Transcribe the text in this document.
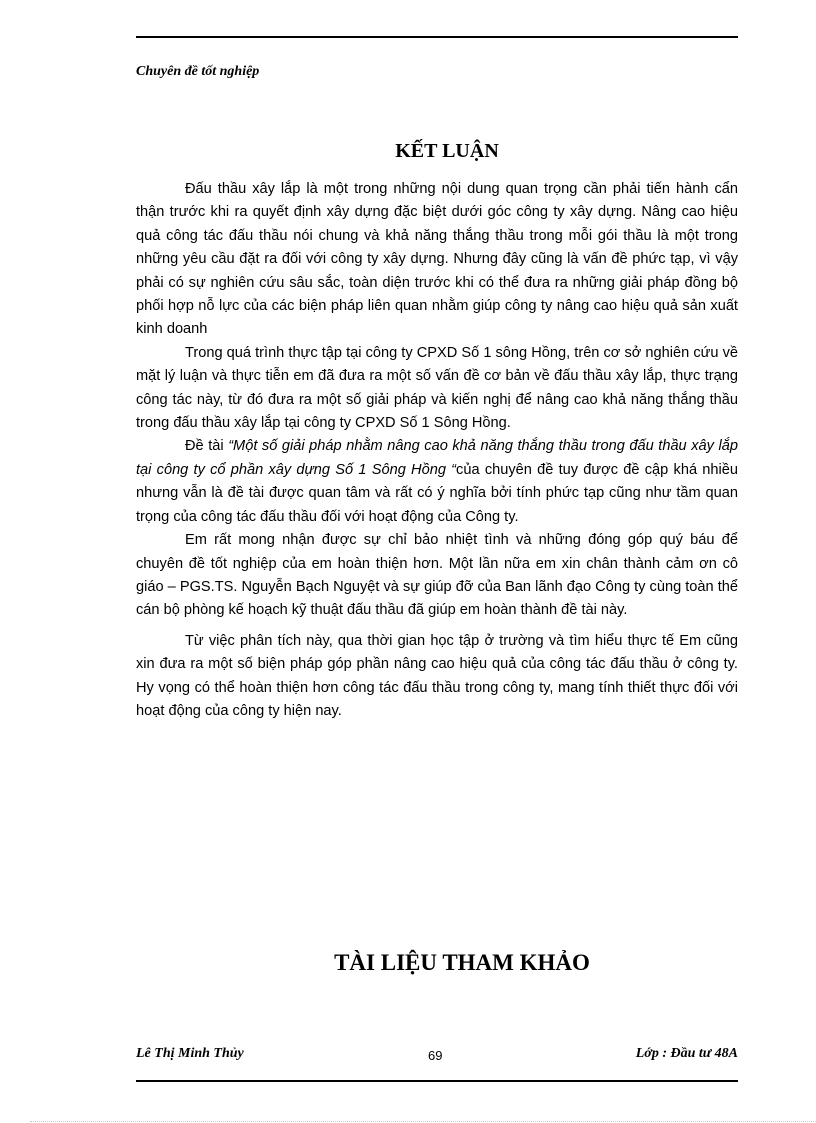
Chuyên đề tốt nghiệp
KẾT LUẬN

Đấu thầu xây lắp là một trong những nội dung quan trọng cần phải tiến hành cẩn thận trước khi ra quyết định xây dựng đặc biệt dưới góc công ty xây dựng. Nâng cao hiệu quả công tác đấu thầu nói chung và khả năng thắng thầu trong mỗi gói thầu là một trong những yêu cầu đặt ra đối với công ty xây dựng. Nhưng đây cũng là vấn đề phức tạp, vì vậy phải có sự nghiên cứu sâu sắc, toàn diện trước khi có thể đưa ra những giải pháp đồng bộ phối hợp nỗ lực của các biện pháp liên quan nhằm giúp công ty nâng cao hiệu quả sản xuất kinh doanh

Trong quá trình thực tập tại công ty CPXD Số 1 sông Hồng, trên cơ sở nghiên cứu về mặt lý luận và thực tiễn em đã đưa ra một số vấn đề cơ bản về đấu thầu xây lắp, thực trạng công tác này, từ đó đưa ra một số giải pháp và kiến nghị để nâng cao khả năng thắng thầu trong đấu thầu xây lắp tại công ty CPXD Số 1 Sông Hồng.

Đề tài “Một số giải pháp nhằm nâng cao khả năng thắng thầu trong đấu thầu xây lắp tại công ty cổ phần xây dựng Số 1 Sông Hồng “của chuyên đề tuy được đề cập khá nhiều nhưng vẫn là đề tài được quan tâm và rất có ý nghĩa bởi tính phức tạp cũng như tầm quan trọng của công tác đấu thầu đối với hoạt động của Công ty.

Em rất mong nhận được sự chỉ bảo nhiệt tình và những đóng góp quý báu để chuyên đề tốt nghiệp của em hoàn thiện hơn. Một lần nữa em xin chân thành cảm ơn cô giáo – PGS.TS. Nguyễn Bạch Nguyệt và sự giúp đỡ của Ban lãnh đạo Công ty cùng toàn thể cán bộ phòng kế hoạch kỹ thuật đấu thầu đã giúp em hoàn thành đề tài này.

Từ việc phân tích này, qua thời gian học tập ở trường và tìm hiểu thực tế Em cũng xin đưa ra một số biện pháp góp phần nâng cao hiệu quả của công tác đấu thầu ở công ty. Hy vọng có thể hoàn thiện hơn công tác đấu thầu trong công ty, mang tính thiết thực đối với hoạt động của công ty hiện nay.

TÀI LIỆU THAM KHẢO
Lê Thị Minh Thủy	69	Lớp : Đầu tư 48A
